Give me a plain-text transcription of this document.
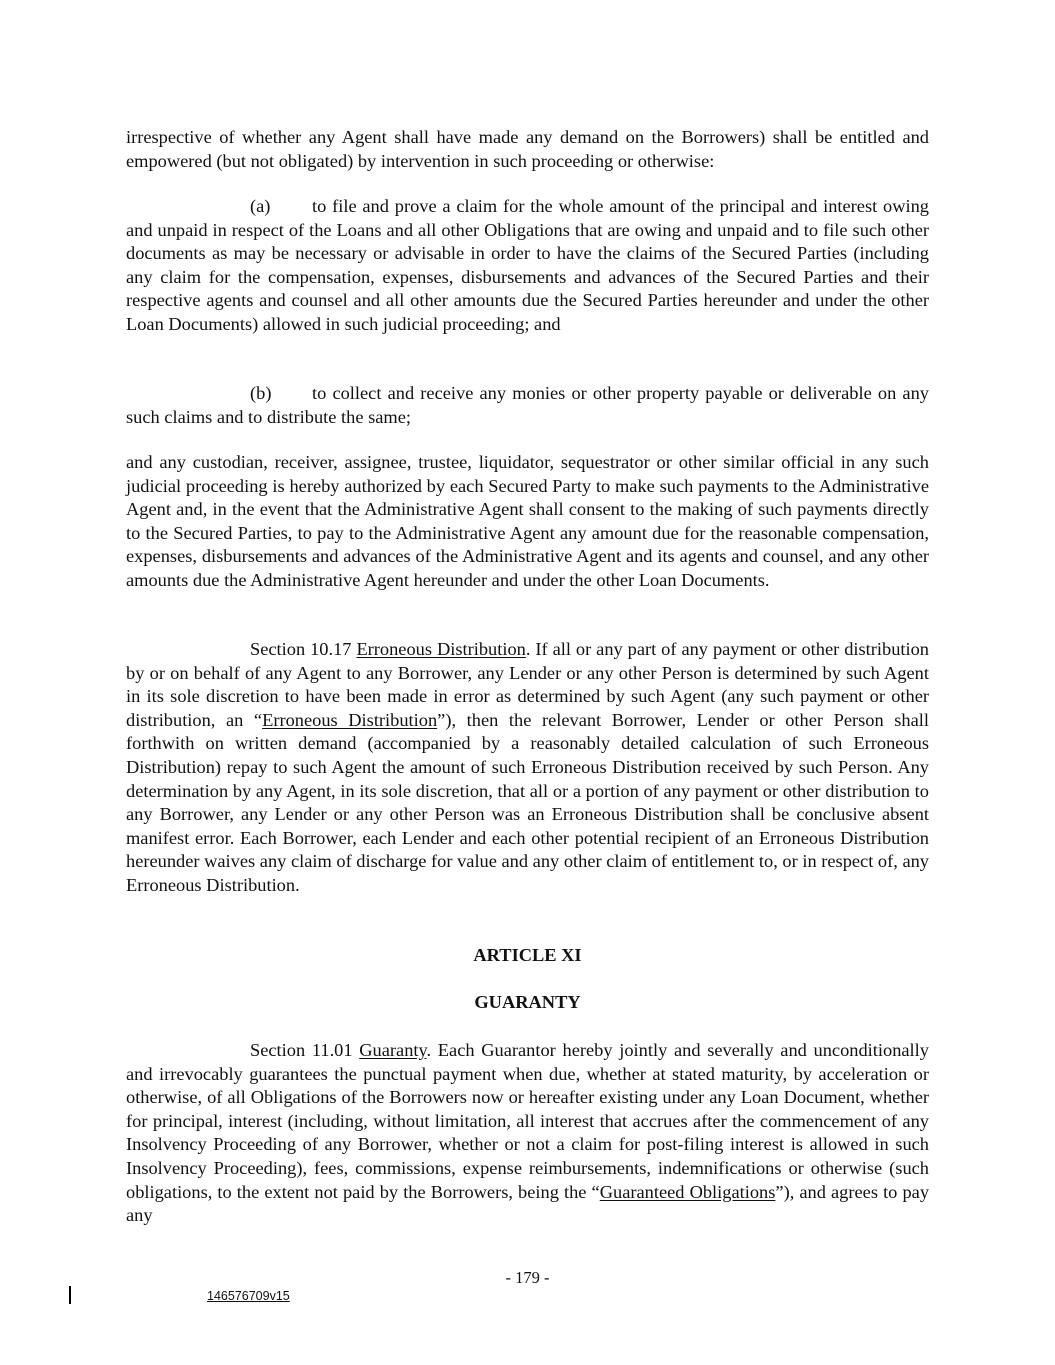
irrespective of whether any Agent shall have made any demand on the Borrowers) shall be entitled and empowered (but not obligated) by intervention in such proceeding or otherwise:

(a) to file and prove a claim for the whole amount of the principal and interest owing and unpaid in respect of the Loans and all other Obligations that are owing and unpaid and to file such other documents as may be necessary or advisable in order to have the claims of the Secured Parties (including any claim for the compensation, expenses, disbursements and advances of the Secured Parties and their respective agents and counsel and all other amounts due the Secured Parties hereunder and under the other Loan Documents) allowed in such judicial proceeding; and

(b) to collect and receive any monies or other property payable or deliverable on any such claims and to distribute the same;

and any custodian, receiver, assignee, trustee, liquidator, sequestrator or other similar official in any such judicial proceeding is hereby authorized by each Secured Party to make such payments to the Administrative Agent and, in the event that the Administrative Agent shall consent to the making of such payments directly to the Secured Parties, to pay to the Administrative Agent any amount due for the reasonable compensation, expenses, disbursements and advances of the Administrative Agent and its agents and counsel, and any other amounts due the Administrative Agent hereunder and under the other Loan Documents.

Section 10.17 Erroneous Distribution. If all or any part of any payment or other distribution by or on behalf of any Agent to any Borrower, any Lender or any other Person is determined by such Agent in its sole discretion to have been made in error as determined by such Agent (any such payment or other distribution, an “Erroneous Distribution”), then the relevant Borrower, Lender or other Person shall forthwith on written demand (accompanied by a reasonably detailed calculation of such Erroneous Distribution) repay to such Agent the amount of such Erroneous Distribution received by such Person. Any determination by any Agent, in its sole discretion, that all or a portion of any payment or other distribution to any Borrower, any Lender or any other Person was an Erroneous Distribution shall be conclusive absent manifest error. Each Borrower, each Lender and each other potential recipient of an Erroneous Distribution hereunder waives any claim of discharge for value and any other claim of entitlement to, or in respect of, any Erroneous Distribution.

ARTICLE XI
GUARANTY

Section 11.01 Guaranty. Each Guarantor hereby jointly and severally and unconditionally and irrevocably guarantees the punctual payment when due, whether at stated maturity, by acceleration or otherwise, of all Obligations of the Borrowers now or hereafter existing under any Loan Document, whether for principal, interest (including, without limitation, all interest that accrues after the commencement of any Insolvency Proceeding of any Borrower, whether or not a claim for post-filing interest is allowed in such Insolvency Proceeding), fees, commissions, expense reimbursements, indemnifications or otherwise (such obligations, to the extent not paid by the Borrowers, being the “Guaranteed Obligations”), and agrees to pay any

- 179 -
146576709v15
